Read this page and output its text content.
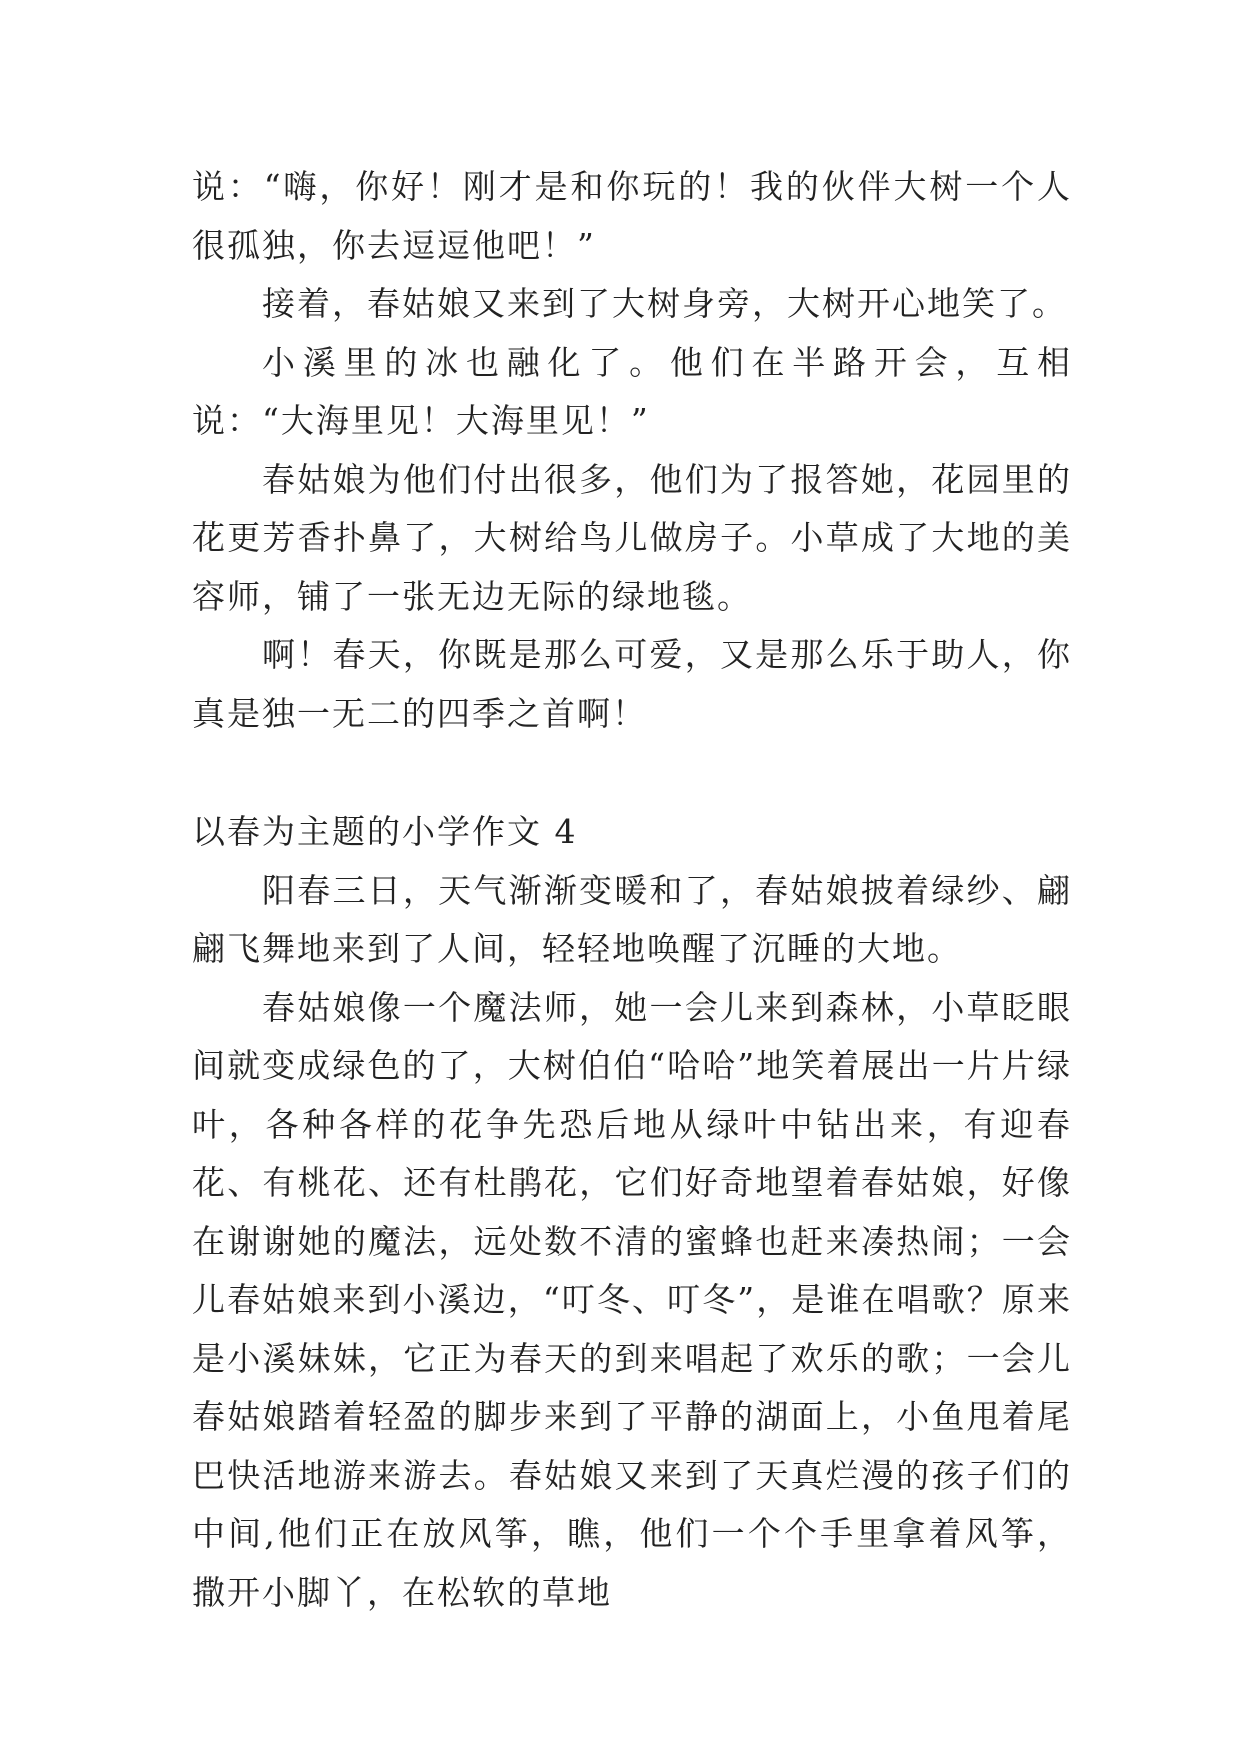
说：“嗨，你好！刚才是和你玩的！我的伙伴大树一个人很孤独，你去逗逗他吧！”

接着，春姑娘又来到了大树身旁，大树开心地笑了。

小溪里的冰也融化了。他们在半路开会，互相说：“大海里见！大海里见！”

春姑娘为他们付出很多，他们为了报答她，花园里的花更芳香扑鼻了，大树给鸟儿做房子。小草成了大地的美容师，铺了一张无边无际的绿地毯。

啊！春天，你既是那么可爱，又是那么乐于助人，你真是独一无二的四季之首啊！

以春为主题的小学作文 4

阳春三日，天气渐渐变暖和了，春姑娘披着绿纱、翩翩飞舞地来到了人间，轻轻地唤醒了沉睡的大地。

春姑娘像一个魔法师，她一会儿来到森林，小草眨眼间就变成绿色的了，大树伯伯“哈哈”地笑着展出一片片绿叶，各种各样的花争先恐后地从绿叶中钻出来，有迎春花、有桃花、还有杜鹃花，它们好奇地望着春姑娘，好像在谢谢她的魔法，远处数不清的蜜蜂也赶来凑热闹；一会儿春姑娘来到小溪边，“叮冬、叮冬”，是谁在唱歌？原来是小溪妹妹，它正为春天的到来唱起了欢乐的歌；一会儿春姑娘踏着轻盈的脚步来到了平静的湖面上，小鱼甩着尾巴快活地游来游去。春姑娘又来到了天真烂漫的孩子们的中间,他们正在放风筝，瞧，他们一个个手里拿着风筝，撒开小脚丫，在松软的草地
